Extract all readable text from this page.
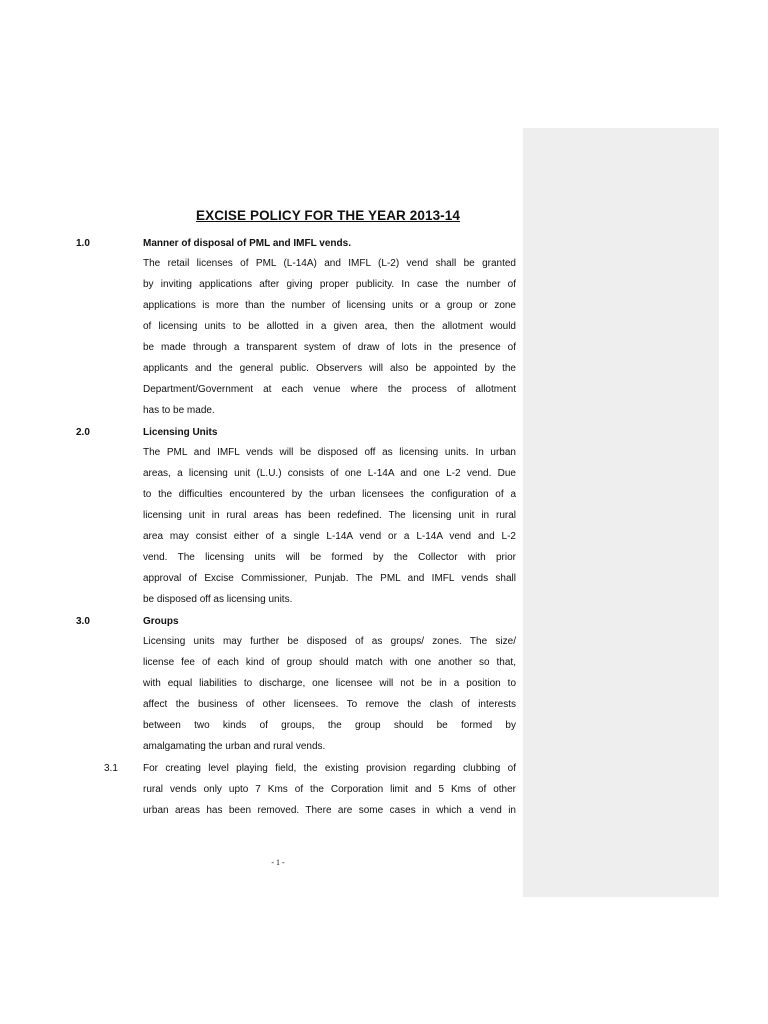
EXCISE POLICY FOR THE YEAR 2013-14

1.0	Manner of disposal of PML and IMFL vends.

The retail licenses of PML (L-14A) and IMFL (L-2) vend shall be granted
by inviting applications after giving proper publicity. In case the number of
applications is more than the number of licensing units or a group or zone
of licensing units to be allotted in a given area, then the allotment would
be made through a transparent system of draw of lots in the presence of
applicants and the general public. Observers will also be appointed by the
Department/Government at each venue where the process of allotment
has to be made.

2.0	Licensing Units

The PML and IMFL vends will be disposed off as licensing units. In urban
areas, a licensing unit (L.U.) consists of one L-14A and one L-2 vend. Due
to the difficulties encountered by the urban licensees the configuration of a
licensing unit in rural areas has been redefined. The licensing unit in rural
area may consist either of a single L-14A vend or a L-14A vend and L-2
vend. The licensing units will be formed by the Collector with prior
approval of Excise Commissioner, Punjab. The PML and IMFL vends shall
be disposed off as licensing units.

3.0	Groups

Licensing units may further be disposed of as groups/ zones. The size/
license fee of each kind of group should match with one another so that,
with equal liabilities to discharge, one licensee will not be in a position to
affect the business of other licensees. To remove the clash of interests
between two kinds of groups, the group should be formed by
amalgamating the urban and rural vends.

3.1	For creating level playing field, the existing provision regarding clubbing of
rural vends only upto 7 Kms of the Corporation limit and 5 Kms of other
urban areas has been removed. There are some cases in which a vend in

- 1 -
